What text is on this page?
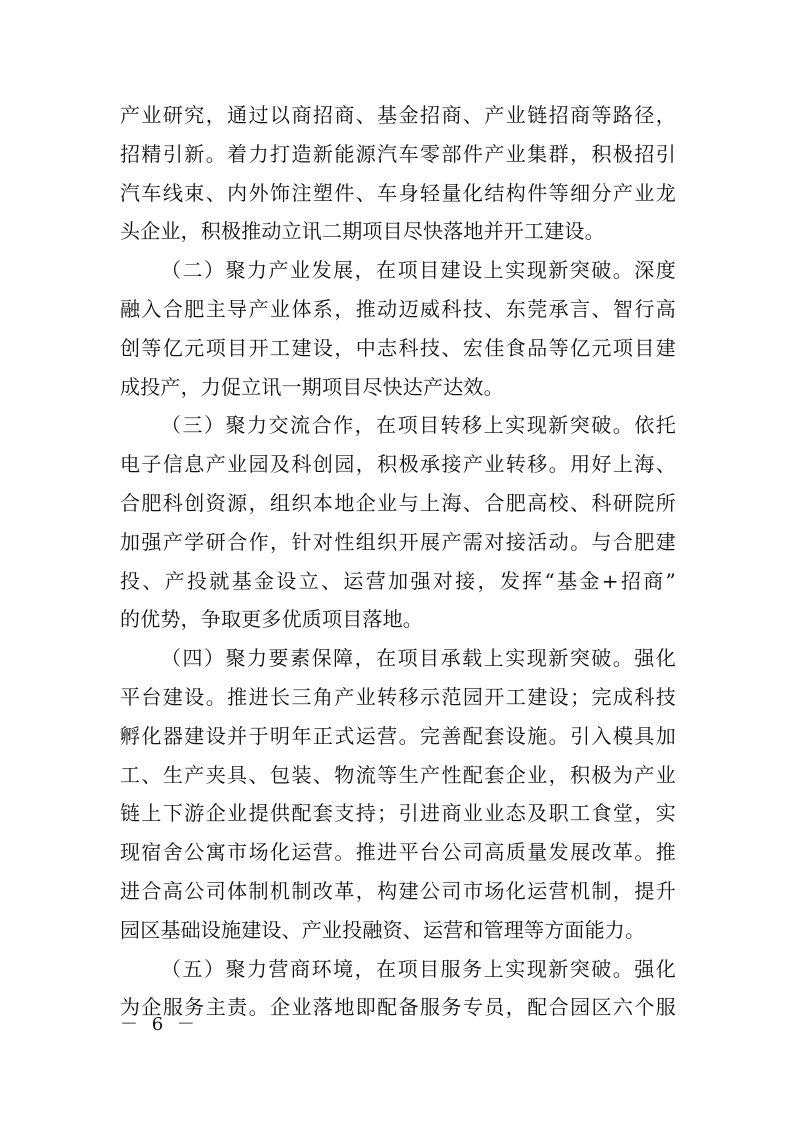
产业研究，通过以商招商、基金招商、产业链招商等路径，
招精引新。着力打造新能源汽车零部件产业集群，积极招引
汽车线束、内外饰注塑件、车身轻量化结构件等细分产业龙
头企业，积极推动立讯二期项目尽快落地并开工建设。
（二）聚力产业发展，在项目建设上实现新突破。深度
融入合肥主导产业体系，推动迈威科技、东莞承言、智行高
创等亿元项目开工建设，中志科技、宏佳食品等亿元项目建
成投产，力促立讯一期项目尽快达产达效。
（三）聚力交流合作，在项目转移上实现新突破。依托
电子信息产业园及科创园，积极承接产业转移。用好上海、
合肥科创资源，组织本地企业与上海、合肥高校、科研院所
加强产学研合作，针对性组织开展产需对接活动。与合肥建
投、产投就基金设立、运营加强对接，发挥“基金+招商”
的优势，争取更多优质项目落地。
（四）聚力要素保障，在项目承载上实现新突破。强化
平台建设。推进长三角产业转移示范园开工建设；完成科技
孵化器建设并于明年正式运营。完善配套设施。引入模具加
工、生产夹具、包装、物流等生产性配套企业，积极为产业
链上下游企业提供配套支持；引进商业业态及职工食堂，实
现宿舍公寓市场化运营。推进平台公司高质量发展改革。推
进合高公司体制机制改革，构建公司市场化运营机制，提升
园区基础设施建设、产业投融资、运营和管理等方面能力。
（五）聚力营商环境，在项目服务上实现新突破。强化
为企服务主责。企业落地即配备服务专员，配合园区六个服
－ 6 －
